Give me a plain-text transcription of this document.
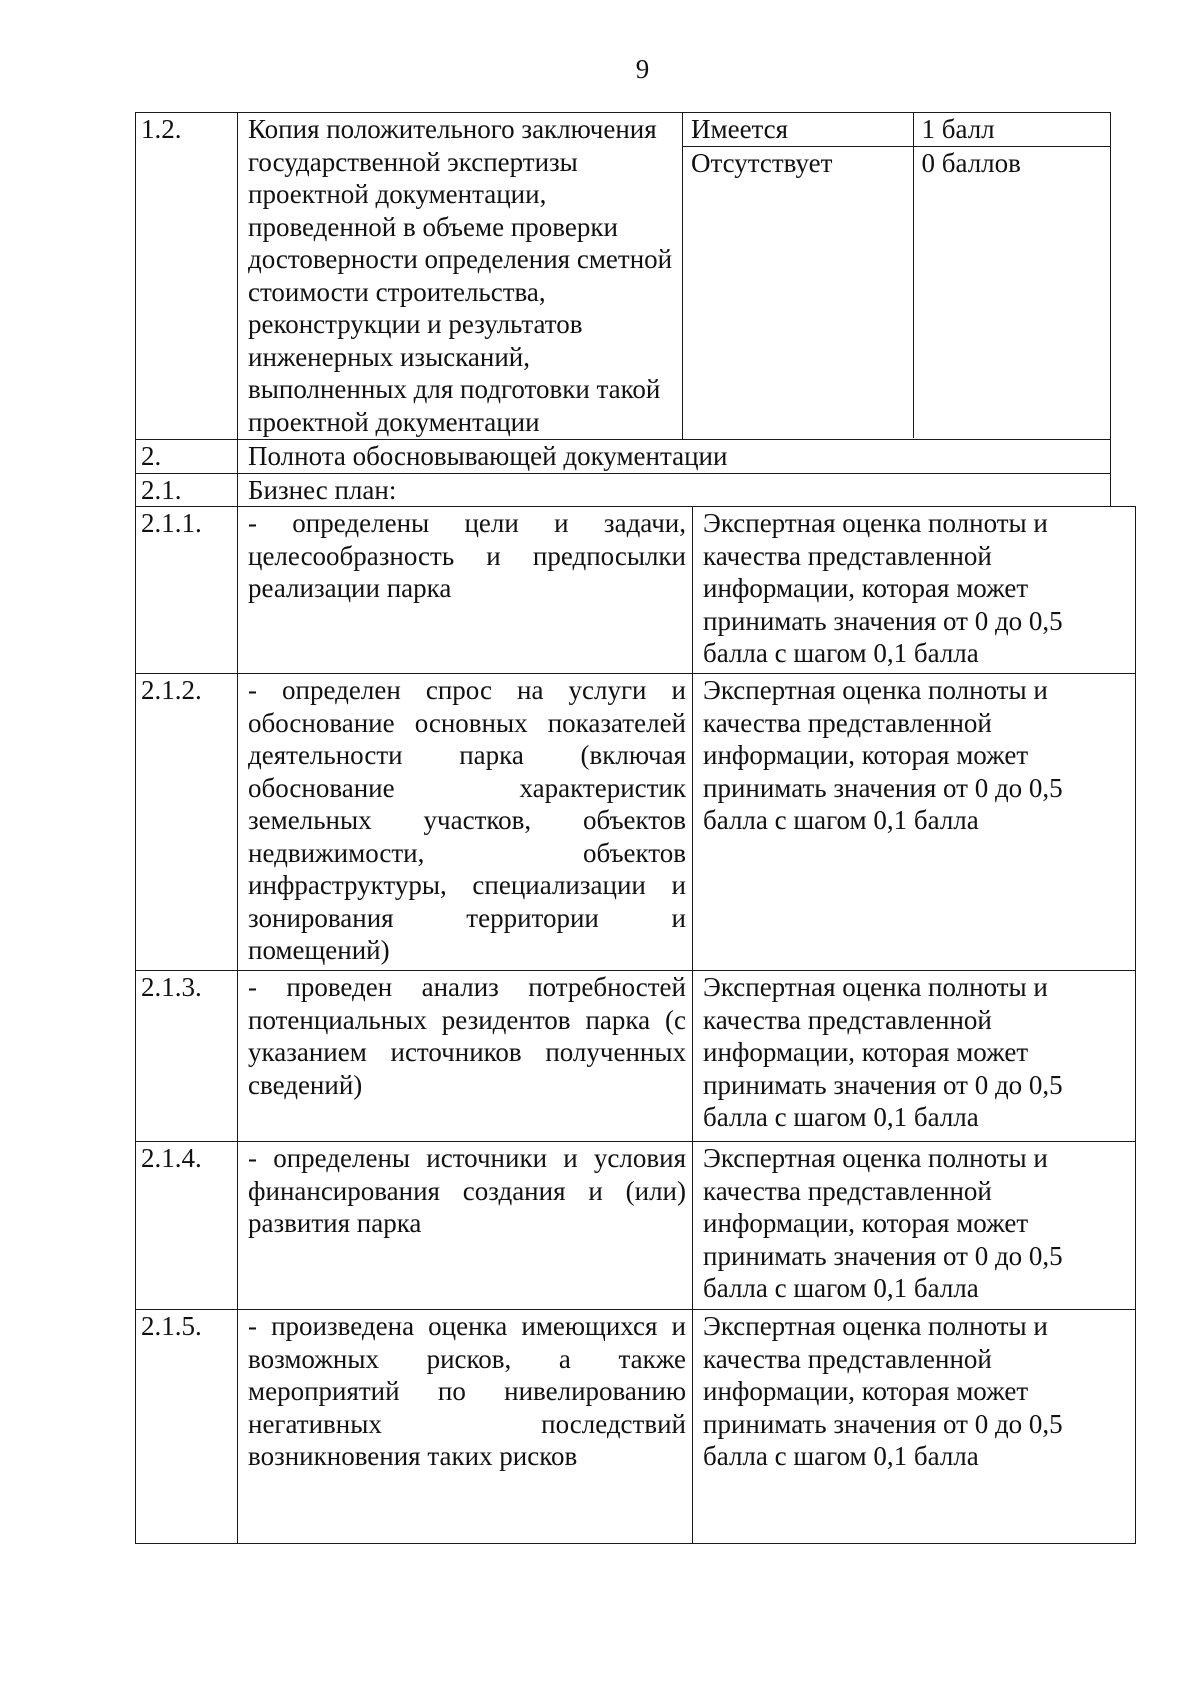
9
1.2.	Копия положительного заключения государственной экспертизы проектной документации, проведенной в объеме проверки достоверности определения сметной стоимости строительства, реконструкции и результатов инженерных изысканий, выполненных для подготовки такой проектной документации	
Имеется	1 балл
Отсутствует	0 баллов

2.	Полнота обосновывающей документации
2.1.	Бизнес план:
2.1.1.	- определены цели и задачи, целесообразность и предпосылки реализации парка	Экспертная оценка полноты и качества представленной информации, которая может принимать значения от 0 до 0,5 балла с шагом 0,1 балла
2.1.2.	- определен спрос на услуги и обоснование основных показателей деятельности парка (включая обоснование характеристик земельных участков, объектов недвижимости, объектов инфраструктуры, специализации и зонирования территории и помещений)	Экспертная оценка полноты и качества представленной информации, которая может принимать значения от 0 до 0,5 балла с шагом 0,1 балла
2.1.3.	- проведен анализ потребностей потенциальных резидентов парка (с указанием источников полученных сведений)	Экспертная оценка полноты и качества представленной информации, которая может принимать значения от 0 до 0,5 балла с шагом 0,1 балла
2.1.4.	- определены источники и условия финансирования создания и (или) развития парка	Экспертная оценка полноты и качества представленной информации, которая может принимать значения от 0 до 0,5 балла с шагом 0,1 балла
2.1.5.	- произведена оценка имеющихся и возможных рисков, а также мероприятий по нивелированию негативных последствий возникновения таких рисков	Экспертная оценка полноты и качества представленной информации, которая может принимать значения от 0 до 0,5 балла с шагом 0,1 балла
